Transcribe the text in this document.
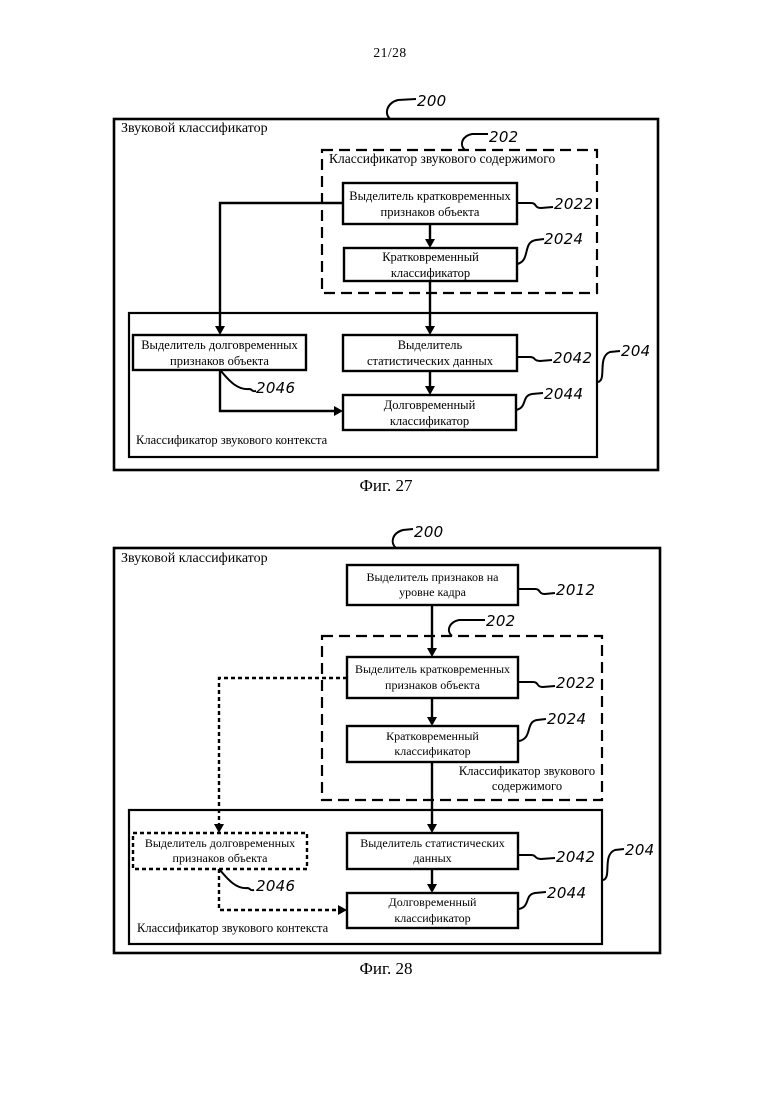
21/28
Звуковой классификатор
Классификатор звукового содержимого
Выделитель кратковременных
признаков объекта
Кратковременный
классификатор
Выделитель долговременных
признаков объекта
Выделитель
статистических данных
Долговременный
классификатор
Классификатор звукового контекста
200
202
2022
2024
2042 204
2044
2046
Фиг. 27
Звуковой классификатор
Выделитель признаков на
уровне кадра
Выделитель кратковременных
признаков объекта
Кратковременный
классификатор
Классификатор звукового
содержимого
Выделитель долговременных
признаков объекта
Выделитель статистических
данных
Долговременный
классификатор
Классификатор звукового контекста
200
2012
202
2022
2024
2042 204
2044
2046
Фиг. 28
